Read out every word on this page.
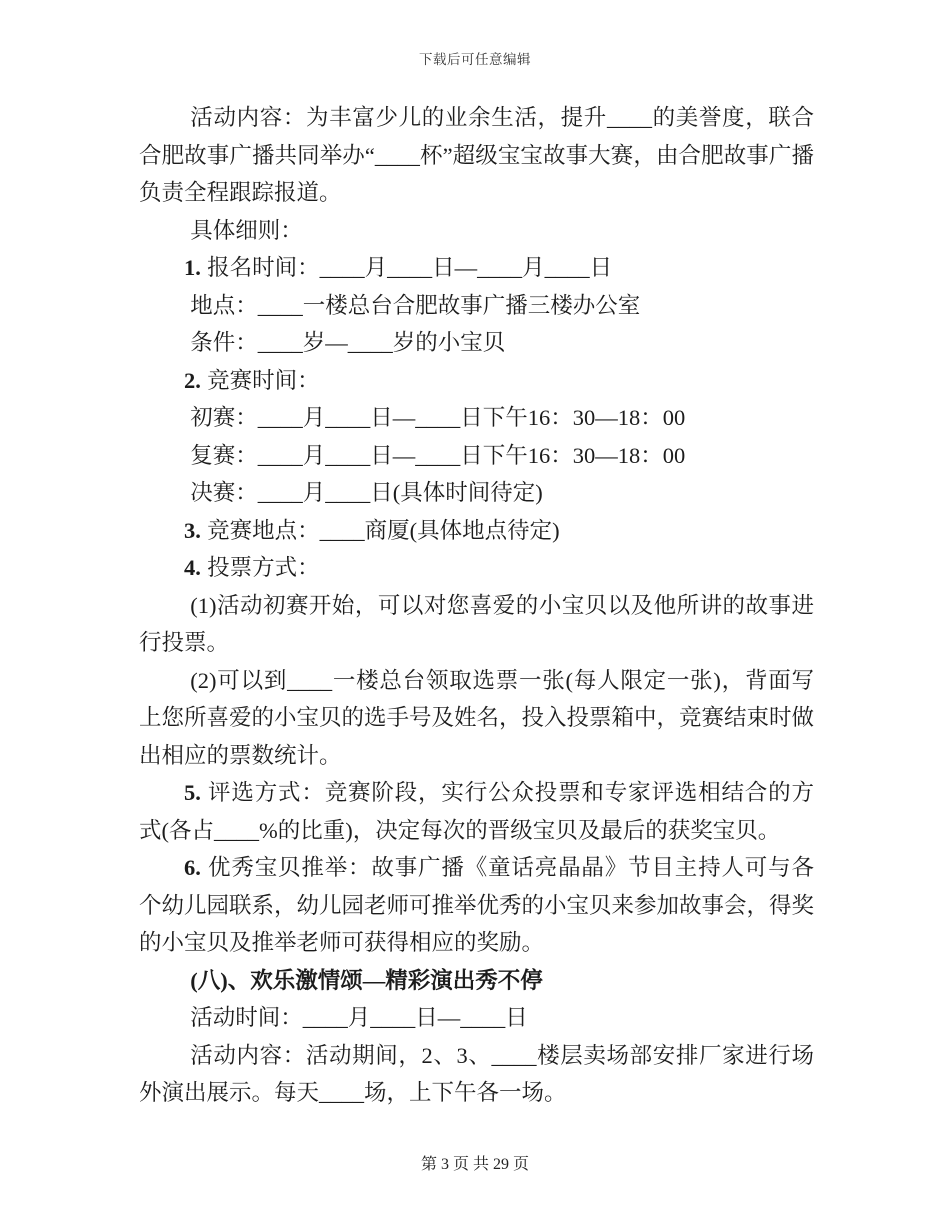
下载后可任意编辑

活动内容：为丰富少儿的业余生活，提升____的美誉度，联合合肥故事广播共同举办“____杯”超级宝宝故事大赛，由合肥故事广播负责全程跟踪报道。

具体细则：

1. 报名时间：____月____日—____月____日

地点：____一楼总台合肥故事广播三楼办公室

条件：____岁—____岁的小宝贝

2. 竞赛时间：

初赛：____月____日—____日下午16：30—18：00

复赛：____月____日—____日下午16：30—18：00

决赛：____月____日(具体时间待定)

3. 竞赛地点：____商厦(具体地点待定)

4. 投票方式：

(1)活动初赛开始，可以对您喜爱的小宝贝以及他所讲的故事进行投票。

(2)可以到____一楼总台领取选票一张(每人限定一张)，背面写上您所喜爱的小宝贝的选手号及姓名，投入投票箱中，竞赛结束时做出相应的票数统计。

5. 评选方式：竞赛阶段，实行公众投票和专家评选相结合的方式(各占____%的比重)，决定每次的晋级宝贝及最后的获奖宝贝。

6. 优秀宝贝推举：故事广播《童话亮晶晶》节目主持人可与各个幼儿园联系，幼儿园老师可推举优秀的小宝贝来参加故事会，得奖的小宝贝及推举老师可获得相应的奖励。

(八)、欢乐激情颂—精彩演出秀不停

活动时间：____月____日—____日

活动内容：活动期间，2、3、____楼层卖场部安排厂家进行场外演出展示。每天____场，上下午各一场。

第 3 页 共 29 页
